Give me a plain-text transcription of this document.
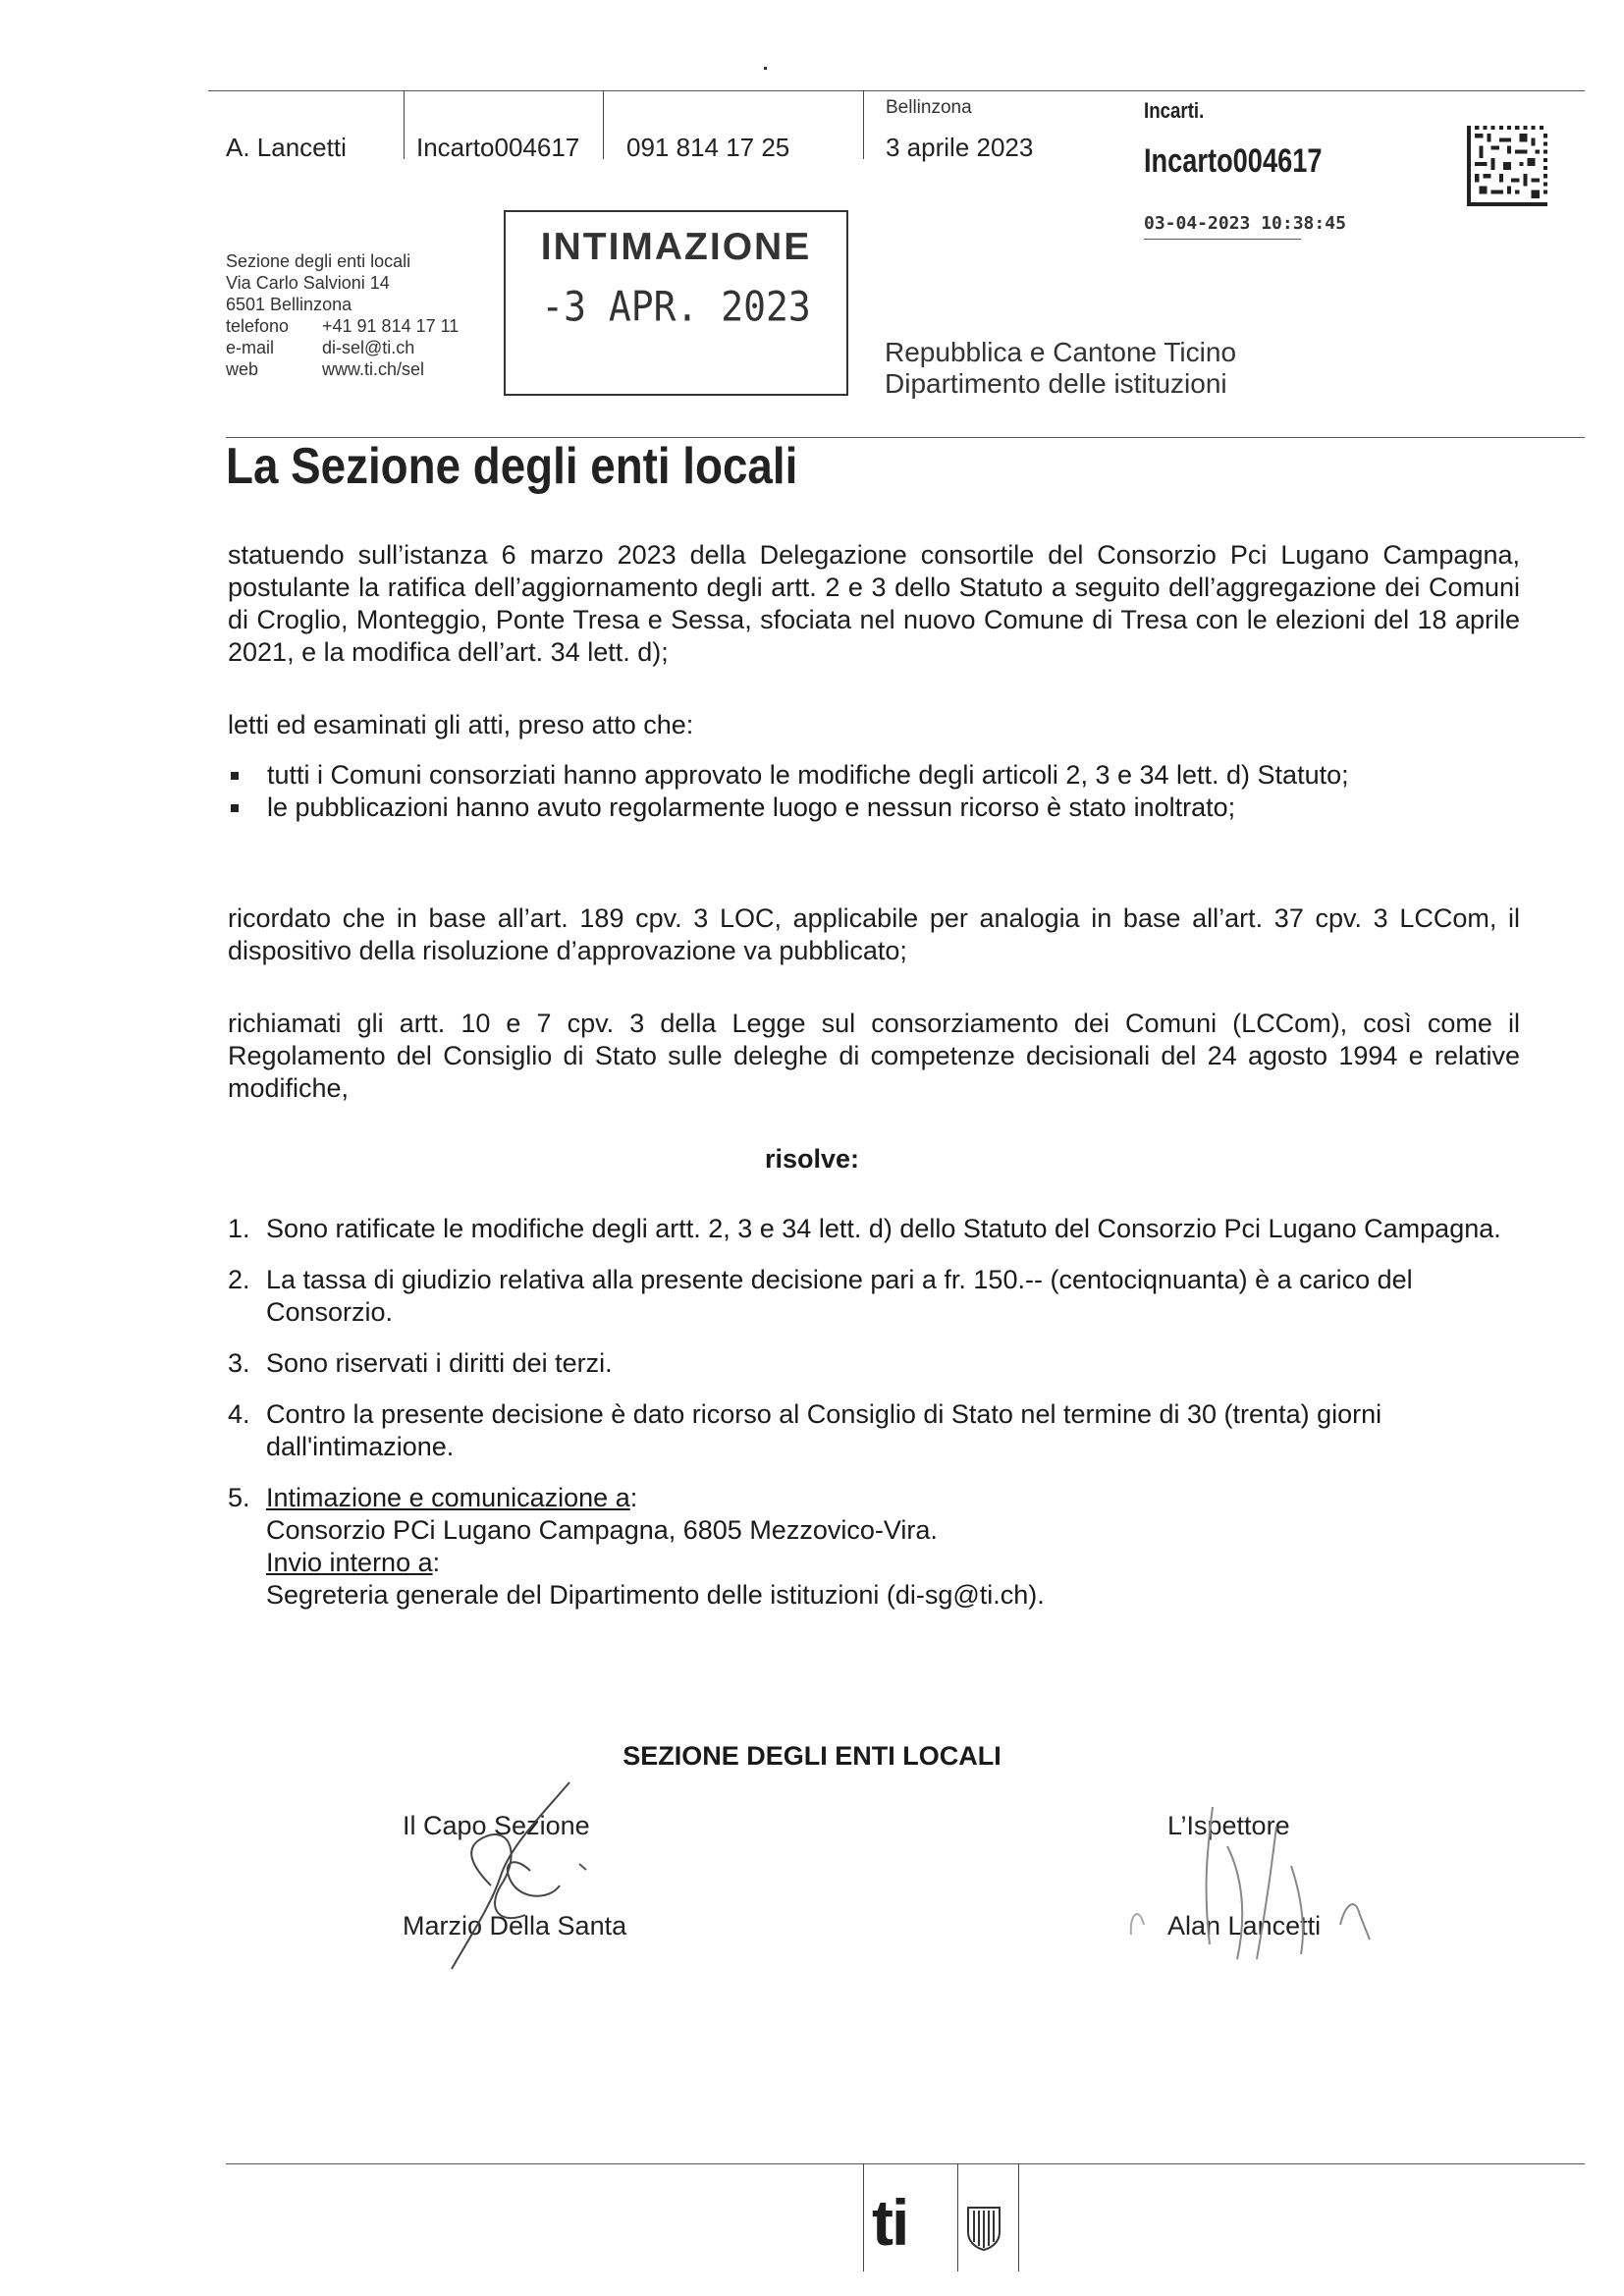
A. Lancetti	Incarto004617 091 814 17 25
Bellinzona
3 aprile 2023
Incarti.
Incarto004617
03-04-2023 10:38:45
Sezione degli enti locali
Via Carlo Salvioni 14
6501 Bellinzona
telefono	+41 91 814 17 11
e-mail	di-sel@ti.ch
web	www.ti.ch/sel
INTIMAZIONE
-3 APR. 2023
Repubblica e Cantone Ticino
Dipartimento delle istituzioni
La Sezione degli enti locali
statuendo sull’istanza 6 marzo 2023 della Delegazione consortile del Consorzio Pci Lugano Campagna, postulante la ratifica dell’aggiornamento degli artt. 2 e 3 dello Statuto a seguito dell’aggregazione dei Comuni di Croglio, Monteggio, Ponte Tresa e Sessa, sfociata nel nuovo Comune di Tresa con le elezioni del 18 aprile 2021, e la modifica dell’art. 34 lett. d);
letti ed esaminati gli atti, preso atto che:
tutti i Comuni consorziati hanno approvato le modifiche degli articoli 2, 3 e 34 lett. d) Statuto;
le pubblicazioni hanno avuto regolarmente luogo e nessun ricorso è stato inoltrato;
ricordato che in base all’art. 189 cpv. 3 LOC, applicabile per analogia in base all’art. 37 cpv. 3 LCCom, il dispositivo della risoluzione d’approvazione va pubblicato;
richiamati gli artt. 10 e 7 cpv. 3 della Legge sul consorziamento dei Comuni (LCCom), così come il Regolamento del Consiglio di Stato sulle deleghe di competenze decisionali del 24 agosto 1994 e relative modifiche,
risolve:
1. Sono ratificate le modifiche degli artt. 2, 3 e 34 lett. d) dello Statuto del Consorzio Pci Lugano Campagna.
2. La tassa di giudizio relativa alla presente decisione pari a fr. 150.-- (centociqnuanta) è a carico del Consorzio.
3. Sono riservati i diritti dei terzi.
4. Contro la presente decisione è dato ricorso al Consiglio di Stato nel termine di 30 (trenta) giorni dall'intimazione.
5. Intimazione e comunicazione a:
Consorzio PCi Lugano Campagna, 6805 Mezzovico-Vira.
Invio interno a:
Segreteria generale del Dipartimento delle istituzioni (di-sg@ti.ch).
SEZIONE DEGLI ENTI LOCALI
Il Capo Sezione
Marzio Della Santa
L’Ispettore
Alan Lancetti
ti
